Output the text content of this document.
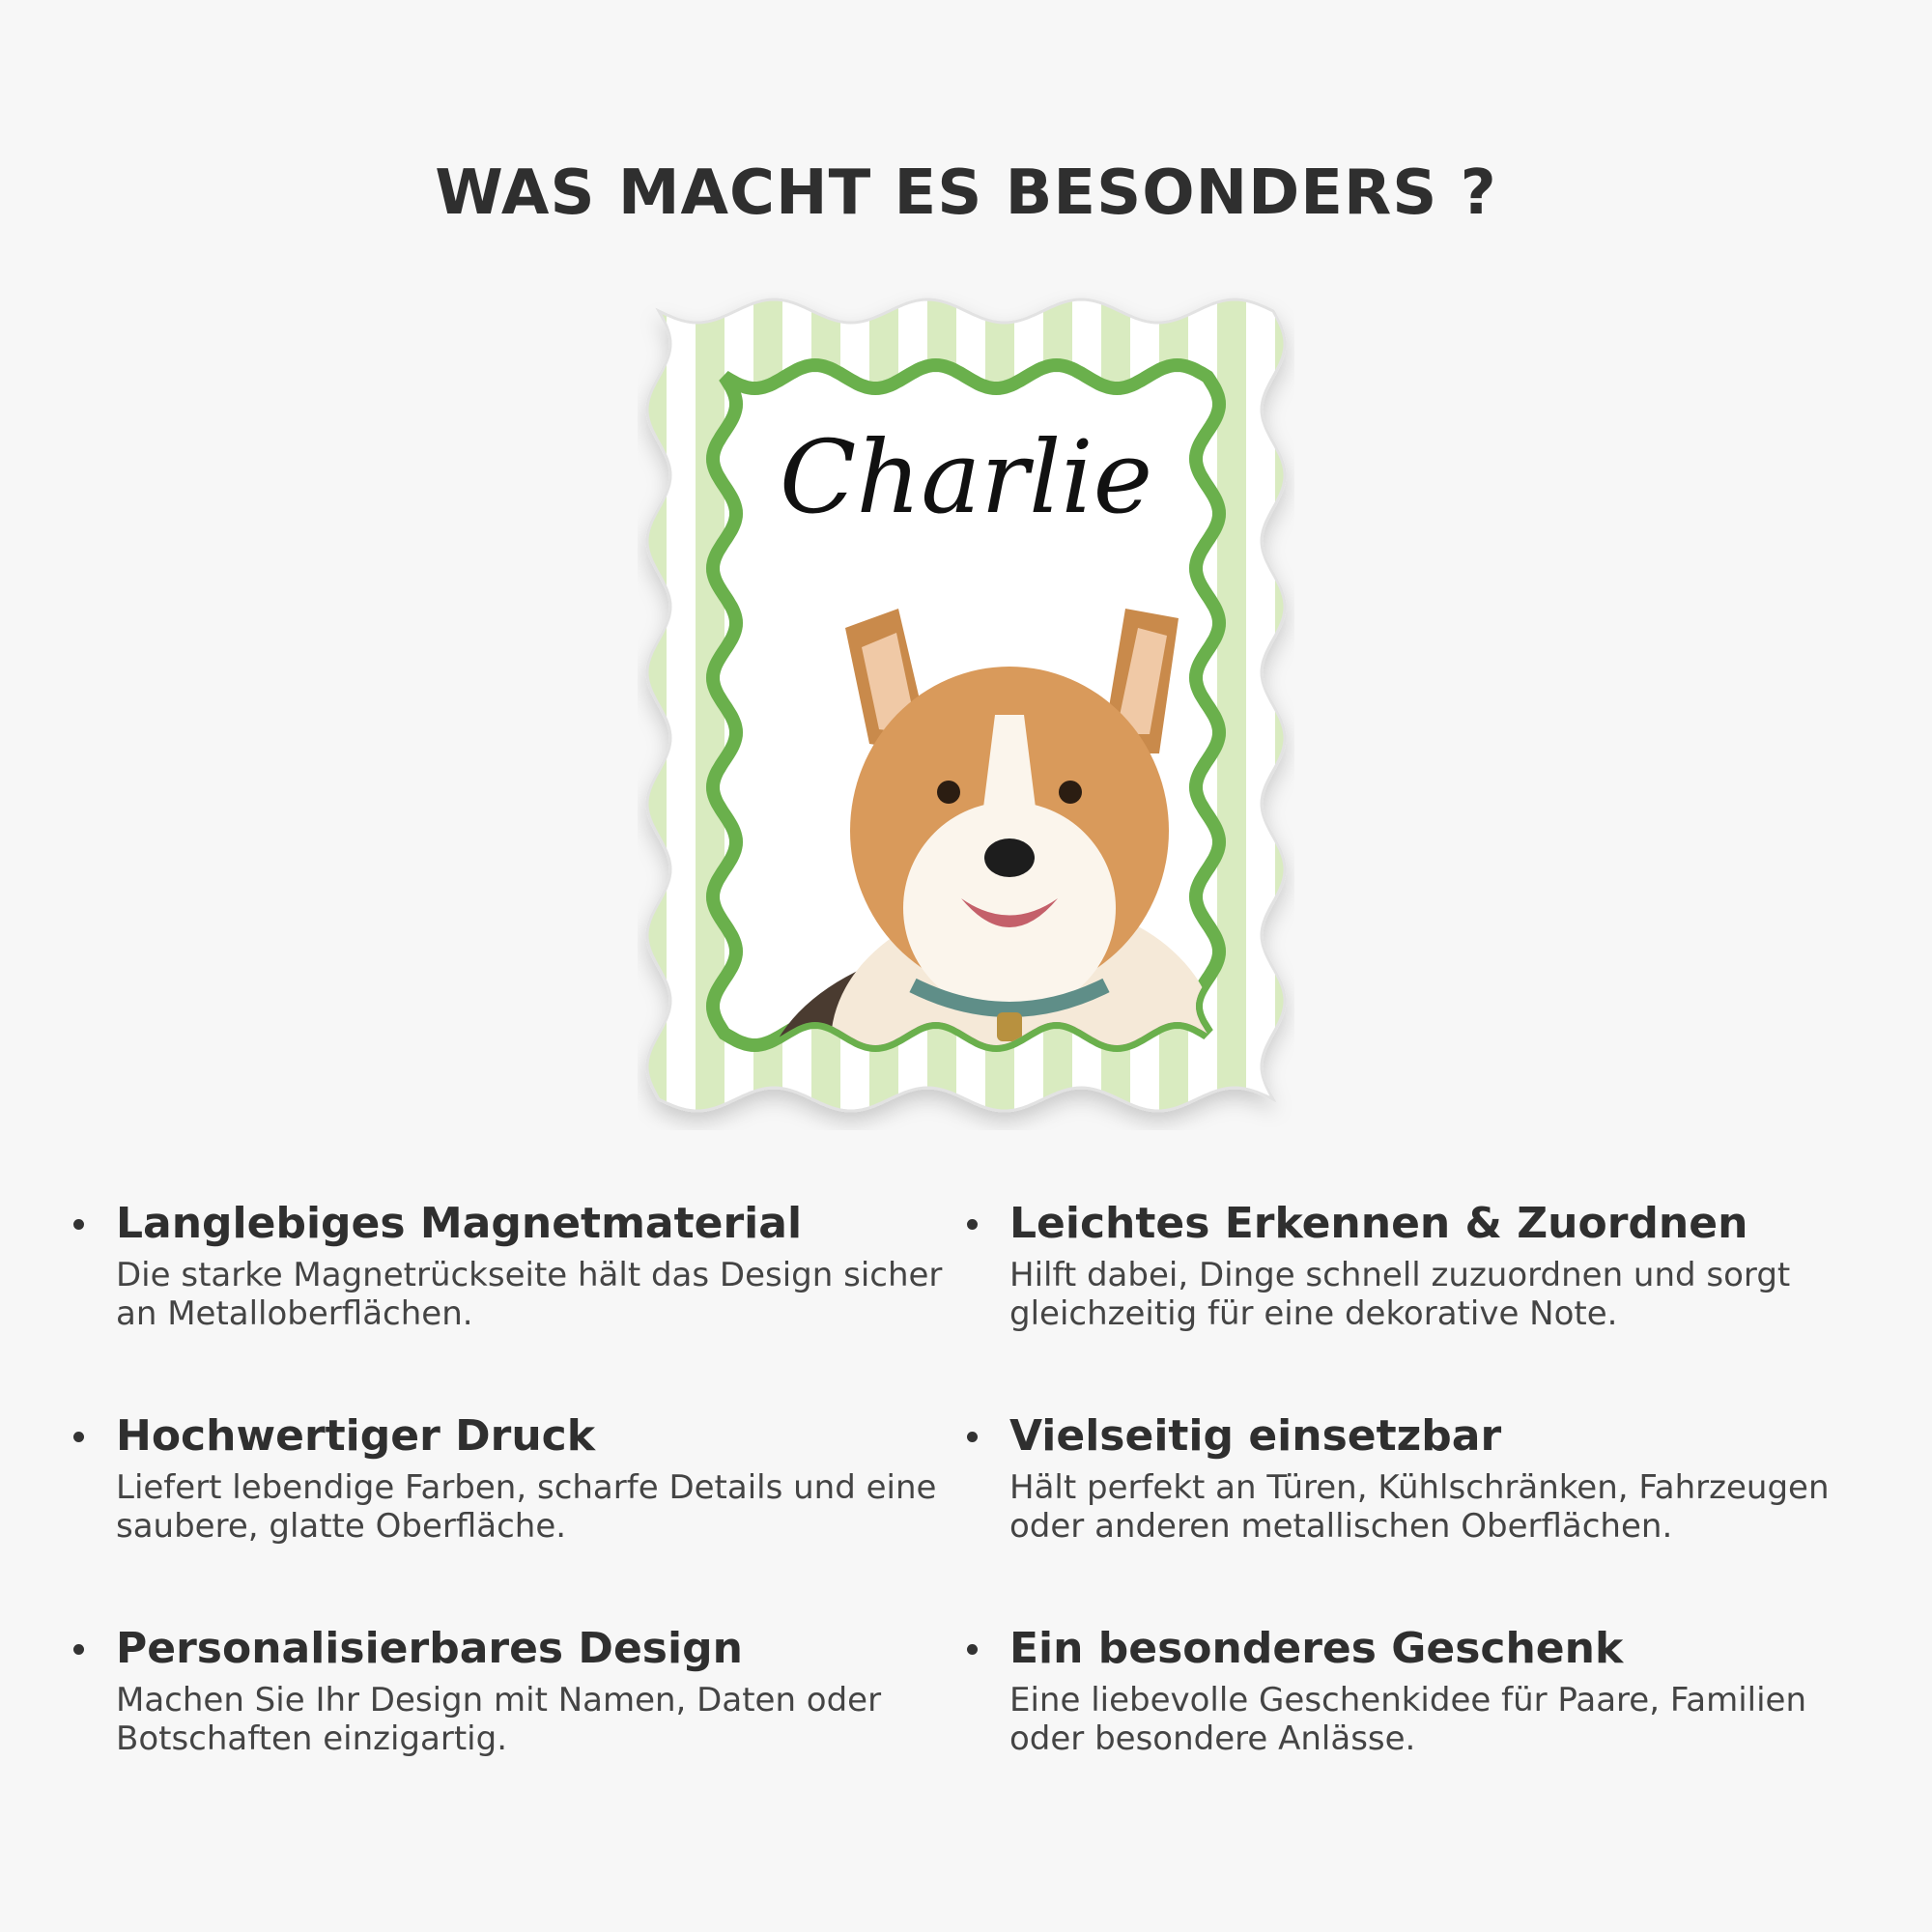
WAS MACHT ES BESONDERS ?
Charlie
Langlebiges Magnetmaterial

Die starke Magnetrückseite hält das Design sicher an Metalloberflächen.

Leichtes Erkennen & Zuordnen

Hilft dabei, Dinge schnell zuzuordnen und sorgt gleichzeitig für eine dekorative Note.

Hochwertiger Druck

Liefert lebendige Farben, scharfe Details und eine saubere, glatte Oberfläche.

Vielseitig einsetzbar

Hält perfekt an Türen, Kühlschränken, Fahrzeugen oder anderen metallischen Oberflächen.

Personalisierbares Design

Machen Sie Ihr Design mit Namen, Daten oder Botschaften einzigartig.

Ein besonderes Geschenk

Eine liebevolle Geschenkidee für Paare, Familien oder besondere Anlässe.
